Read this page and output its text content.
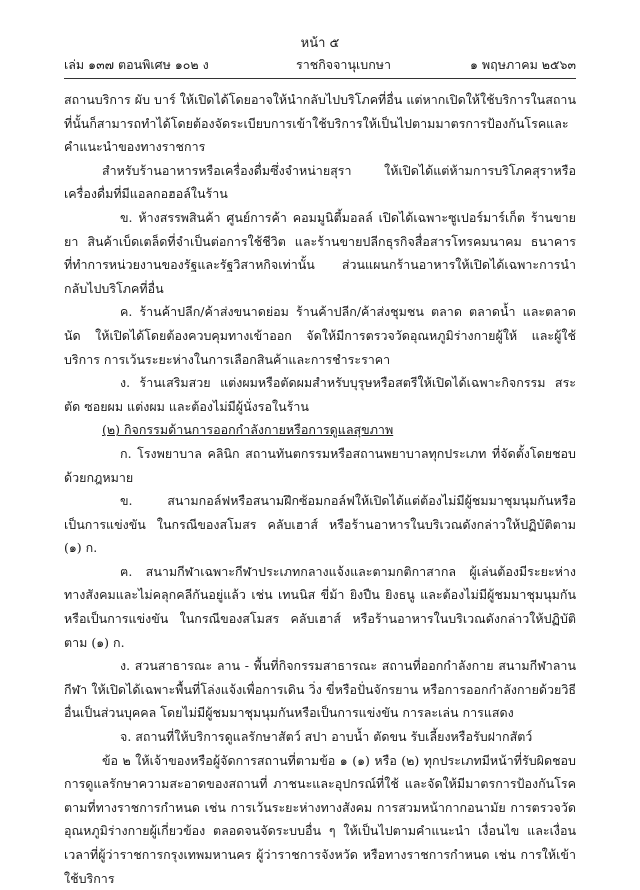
หน้า ๕
เล่ม ๑๓๗ ตอนพิเศษ ๑๐๒ ง	ราชกิจจานุเบกษา	๑ พฤษภาคม ๒๕๖๓

สถานบริการ ผับ บาร์ ให้เปิดได้โดยอาจให้นำกลับไปบริโภคที่อื่น แต่หากเปิดให้ใช้บริการในสถานที่นั้นก็สามารถทำได้โดยต้องจัดระเบียบการเข้าใช้บริการให้เป็นไปตามมาตรการป้องกันโรคและคำแนะนำของทางราชการ

สำหรับร้านอาหารหรือเครื่องดื่มซึ่งจำหน่ายสุรา ให้เปิดได้แต่ห้ามการบริโภคสุราหรือเครื่องดื่มที่มีแอลกอฮอล์ในร้าน

ข. ห้างสรรพสินค้า ศูนย์การค้า คอมมูนิตี้มอลล์ เปิดได้เฉพาะซูเปอร์มาร์เก็ต ร้านขายยา สินค้าเบ็ดเตล็ดที่จำเป็นต่อการใช้ชีวิต และร้านขายปลีกธุรกิจสื่อสารโทรคมนาคม ธนาคาร ที่ทำการหน่วยงานของรัฐและรัฐวิสาหกิจเท่านั้น ส่วนแผนกร้านอาหารให้เปิดได้เฉพาะการนำกลับไปบริโภคที่อื่น

ค. ร้านค้าปลีก/ค้าส่งขนาดย่อม ร้านค้าปลีก/ค้าส่งชุมชน ตลาด ตลาดน้ำ และตลาดนัด ให้เปิดได้โดยต้องควบคุมทางเข้าออก จัดให้มีการตรวจวัดอุณหภูมิร่างกายผู้ให้ และผู้ใช้บริการ การเว้นระยะห่างในการเลือกสินค้าและการชำระราคา

ง. ร้านเสริมสวย แต่งผมหรือตัดผมสำหรับบุรุษหรือสตรีให้เปิดได้เฉพาะกิจกรรม สระ ตัด ซอยผม แต่งผม และต้องไม่มีผู้นั่งรอในร้าน

(๒) กิจกรรมด้านการออกกำลังกายหรือการดูแลสุขภาพ

ก. โรงพยาบาล คลินิก สถานทันตกรรมหรือสถานพยาบาลทุกประเภท ที่จัดตั้งโดยชอบด้วยกฎหมาย

ข. สนามกอล์ฟหรือสนามฝึกซ้อมกอล์ฟให้เปิดได้แต่ต้องไม่มีผู้ชมมาชุมนุมกันหรือเป็นการแข่งขัน ในกรณีของสโมสร คลับเฮาส์ หรือร้านอาหารในบริเวณดังกล่าวให้ปฏิบัติตาม (๑) ก.

ฅ. สนามกีฬาเฉพาะกีฬาประเภทกลางแจ้งและตามกติกาสากล ผู้เล่นต้องมีระยะห่างทางสังคมและไม่คลุกคลีกันอยู่แล้ว เช่น เทนนิส ขี่ม้า ยิงปืน ยิงธนู และต้องไม่มีผู้ชมมาชุมนุมกันหรือเป็นการแข่งขัน ในกรณีของสโมสร คลับเฮาส์ หรือร้านอาหารในบริเวณดังกล่าวให้ปฏิบัติตาม (๑) ก.

ง. สวนสาธารณะ ลาน - พื้นที่กิจกรรมสาธารณะ สถานที่ออกกำลังกาย สนามกีฬาลานกีฬา ให้เปิดได้เฉพาะพื้นที่โล่งแจ้งเพื่อการเดิน วิ่ง ขี่หรือปั่นจักรยาน หรือการออกกำลังกายด้วยวิธีอื่นเป็นส่วนบุคคล โดยไม่มีผู้ชมมาชุมนุมกันหรือเป็นการแข่งขัน การละเล่น การแสดง

จ. สถานที่ให้บริการดูแลรักษาสัตว์ สปา อาบน้ำ ตัดขน รับเลี้ยงหรือรับฝากสัตว์

ข้อ ๒ ให้เจ้าของหรือผู้จัดการสถานที่ตามข้อ ๑ (๑) หรือ (๒) ทุกประเภทมีหน้าที่รับผิดชอบการดูแลรักษาความสะอาดของสถานที่ ภาชนะและอุปกรณ์ที่ใช้ และจัดให้มีมาตรการป้องกันโรคตามที่ทางราชการกำหนด เช่น การเว้นระยะห่างทางสังคม การสวมหน้ากากอนามัย การตรวจวัดอุณหภูมิร่างกายผู้เกี่ยวข้อง ตลอดจนจัดระบบอื่น ๆ ให้เป็นไปตามคำแนะนำ เงื่อนไข และเงื่อนเวลาที่ผู้ว่าราชการกรุงเทพมหานคร ผู้ว่าราชการจังหวัด หรือทางราชการกำหนด เช่น การให้เข้าใช้บริการ
